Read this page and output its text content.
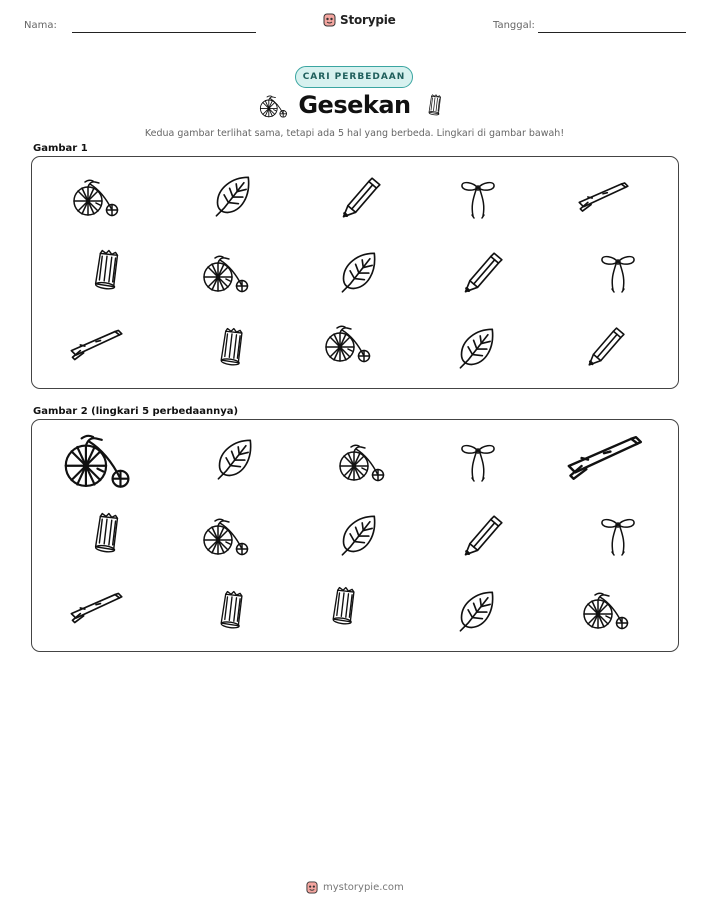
Nama:	Storypie	Tanggal:
CARI PERBEDAAN
Gesekan
Kedua gambar terlihat sama, tetapi ada 5 hal yang berbeda. Lingkari di gambar bawah!
Gambar 1
Gambar 2 (lingkari 5 perbedaannya)
mystorypie.com
